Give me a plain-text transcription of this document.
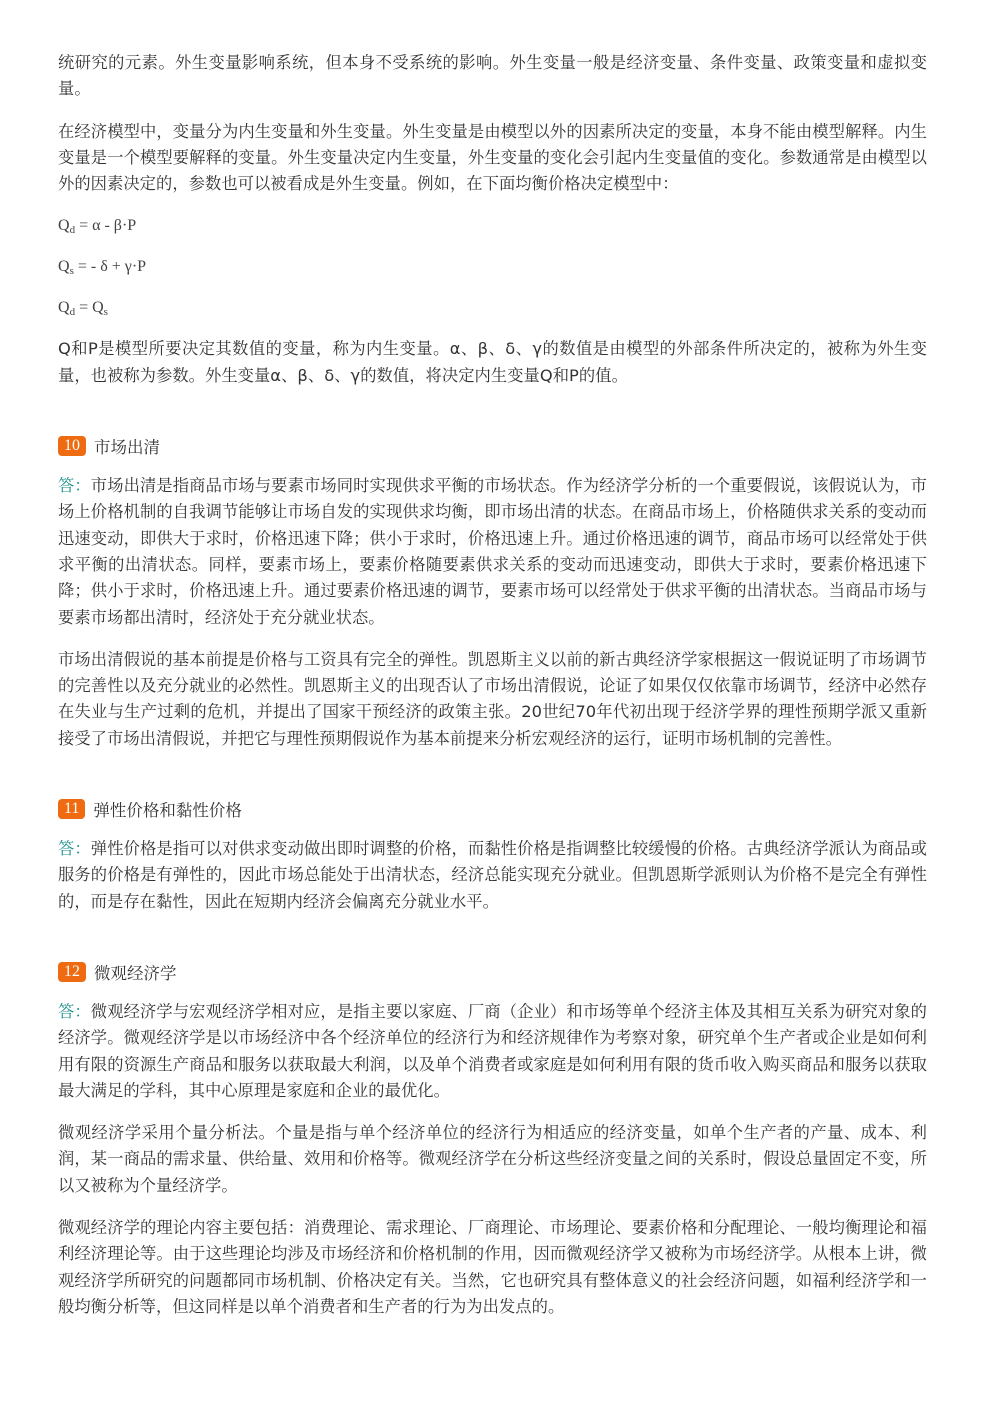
统研究的元素。外生变量影响系统，但本身不受系统的影响。外生变量一般是经济变量、条件变量、政策变量和虚拟变量。

在经济模型中，变量分为内生变量和外生变量。外生变量是由模型以外的因素所决定的变量，本身不能由模型解释。内生变量是一个模型要解释的变量。外生变量决定内生变量，外生变量的变化会引起内生变量值的变化。参数通常是由模型以外的因素决定的，参数也可以被看成是外生变量。例如，在下面均衡价格决定模型中：

$Q_d = \alpha - \beta\cdot P$
$Q_s$ = - δ + γ·P
$Q_d = Q_s$

Q和P是模型所要决定其数值的变量，称为内生变量。α、β、δ、γ的数值是由模型的外部条件所决定的，被称为外生变量，也被称为参数。外生变量α、β、δ、γ的数值，将决定内生变量Q和P的值。

10 市场出清

答：市场出清是指商品市场与要素市场同时实现供求平衡的市场状态。作为经济学分析的一个重要假说，该假说认为，市场上价格机制的自我调节能够让市场自发的实现供求均衡，即市场出清的状态。在商品市场上，价格随供求关系的变动而迅速变动，即供大于求时，价格迅速下降；供小于求时，价格迅速上升。通过价格迅速的调节，商品市场可以经常处于供求平衡的出清状态。同样，要素市场上，要素价格随要素供求关系的变动而迅速变动，即供大于求时，要素价格迅速下降；供小于求时，价格迅速上升。通过要素价格迅速的调节，要素市场可以经常处于供求平衡的出清状态。当商品市场与要素市场都出清时，经济处于充分就业状态。

市场出清假说的基本前提是价格与工资具有完全的弹性。凯恩斯主义以前的新古典经济学家根据这一假说证明了市场调节的完善性以及充分就业的必然性。凯恩斯主义的出现否认了市场出清假说，论证了如果仅仅依靠市场调节，经济中必然存在失业与生产过剩的危机，并提出了国家干预经济的政策主张。20世纪70年代初出现于经济学界的理性预期学派又重新接受了市场出清假说，并把它与理性预期假说作为基本前提来分析宏观经济的运行，证明市场机制的完善性。

11 弹性价格和黏性价格

答：弹性价格是指可以对供求变动做出即时调整的价格，而黏性价格是指调整比较缓慢的价格。古典经济学派认为商品或服务的价格是有弹性的，因此市场总能处于出清状态，经济总能实现充分就业。但凯恩斯学派则认为价格不是完全有弹性的，而是存在黏性，因此在短期内经济会偏离充分就业水平。

12 微观经济学

答：微观经济学与宏观经济学相对应，是指主要以家庭、厂商（企业）和市场等单个经济主体及其相互关系为研究对象的经济学。微观经济学是以市场经济中各个经济单位的经济行为和经济规律作为考察对象，研究单个生产者或企业是如何利用有限的资源生产商品和服务以获取最大利润，以及单个消费者或家庭是如何利用有限的货币收入购买商品和服务以获取最大满足的学科，其中心原理是家庭和企业的最优化。

微观经济学采用个量分析法。个量是指与单个经济单位的经济行为相适应的经济变量，如单个生产者的产量、成本、利润，某一商品的需求量、供给量、效用和价格等。微观经济学在分析这些经济变量之间的关系时，假设总量固定不变，所以又被称为个量经济学。

微观经济学的理论内容主要包括：消费理论、需求理论、厂商理论、市场理论、要素价格和分配理论、一般均衡理论和福利经济理论等。由于这些理论均涉及市场经济和价格机制的作用，因而微观经济学又被称为市场经济学。从根本上讲，微观经济学所研究的问题都同市场机制、价格决定有关。当然，它也研究具有整体意义的社会经济问题，如福利经济学和一般均衡分析等，但这同样是以单个消费者和生产者的行为为出发点的。
